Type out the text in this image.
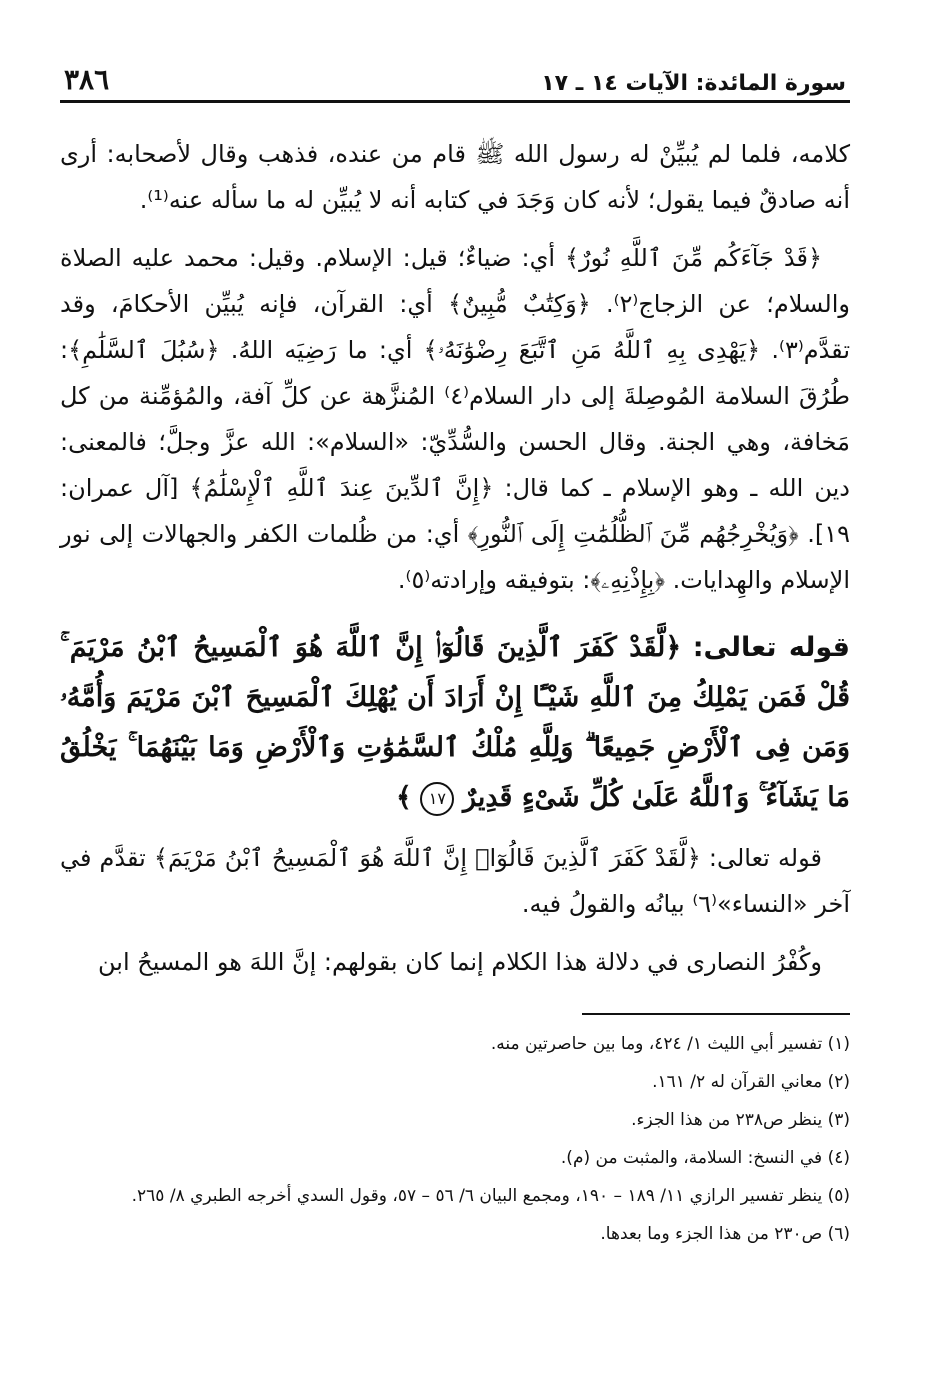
سورة المائدة: الآيات ١٤ ـ ١٧
٣٨٦

كلامه، فلما لم يُبيِّنْ له رسول الله ﷺ قام من عنده، فذهب وقال لأصحابه: أرى أنه صادقٌ فيما يقول؛ لأنه كان وَجَدَ في كتابه أنه لا يُبيِّن له ما سأله عنه⁽¹⁾.

﴿قَدْ جَآءَكُم مِّنَ ٱللَّهِ نُورٌ﴾ أي: ضياءٌ؛ قيل: الإسلام. وقيل: محمد عليه الصلاة والسلام؛ عن الزجاج⁽٢⁾. ﴿وَكِتَٰبٌ مُّبِينٌ﴾ أي: القرآن، فإنه يُبيِّن الأحكامَ، وقد تقدَّم⁽٣⁾. ﴿يَهْدِى بِهِ ٱللَّهُ مَنِ ٱتَّبَعَ رِضْوَٰنَهُۥ﴾ أي: ما رَضِيَه اللهُ. ﴿سُبُلَ ٱلسَّلَٰمِ﴾: طُرُقَ السلامة المُوصِلةَ إلى دار السلام⁽٤⁾ المُنزَّهة عن كلِّ آفة، والمُؤمِّنة من كل مَخافة، وهي الجنة. وقال الحسن والسُّدِّيّ: «السلام»: الله عزَّ وجلَّ؛ فالمعنى: دين الله ـ وهو الإسلام ـ كما قال: ﴿إِنَّ ٱلدِّينَ عِندَ ٱللَّهِ ٱلْإِسْلَٰمُ﴾ [آل عمران: ١٩]. ﴿وَيُخْرِجُهُم مِّنَ ٱلظُّلُمَٰتِ إِلَى ٱلنُّورِ﴾ أي: من ظُلمات الكفر والجهالات إلى نور الإسلام والهِدايات. ﴿بِإِذْنِهِۦ﴾: بتوفيقه وإرادته⁽٥⁾.

قوله تعالى: ﴿لَّقَدْ كَفَرَ ٱلَّذِينَ قَالُوٓا۟ إِنَّ ٱللَّهَ هُوَ ٱلْمَسِيحُ ٱبْنُ مَرْيَمَ ۚ قُلْ فَمَن يَمْلِكُ مِنَ ٱللَّهِ شَيْـًٔا إِنْ أَرَادَ أَن يُهْلِكَ ٱلْمَسِيحَ ٱبْنَ مَرْيَمَ وَأُمَّهُۥ وَمَن فِى ٱلْأَرْضِ جَمِيعًا ۗ وَلِلَّهِ مُلْكُ ٱلسَّمَٰوَٰتِ وَٱلْأَرْضِ وَمَا بَيْنَهُمَا ۚ يَخْلُقُ مَا يَشَآءُ ۚ وَٱللَّهُ عَلَىٰ كُلِّ شَىْءٍ قَدِيرٌ ١٧ ﴾

قوله تعالى: ﴿لَّقَدْ كَفَرَ ٱلَّذِينَ قَالُوٓا۟ إِنَّ ٱللَّهَ هُوَ ٱلْمَسِيحُ ٱبْنُ مَرْيَمَ﴾ تقدَّم في آخر «النساء»⁽٦⁾ بيانُه والقولُ فيه.

وكُفْرُ النصارى في دلالة هذا الكلام إنما كان بقولهم: إنَّ اللهَ هو المسيحُ ابن

(١) تفسير أبي الليث ١/ ٤٢٤، وما بين حاصرتين منه.
(٢) معاني القرآن له ٢/ ١٦١.
(٣) ينظر ص٢٣٨ من هذا الجزء.
(٤) في النسخ: السلامة، والمثبت من (م).
(٥) ينظر تفسير الرازي ١١/ ١٨٩ – ١٩٠، ومجمع البيان ٦/ ٥٦ – ٥٧، وقول السدي أخرجه الطبري ٨/ ٢٦٥.
(٦) ص٢٣٠ من هذا الجزء وما بعدها.
